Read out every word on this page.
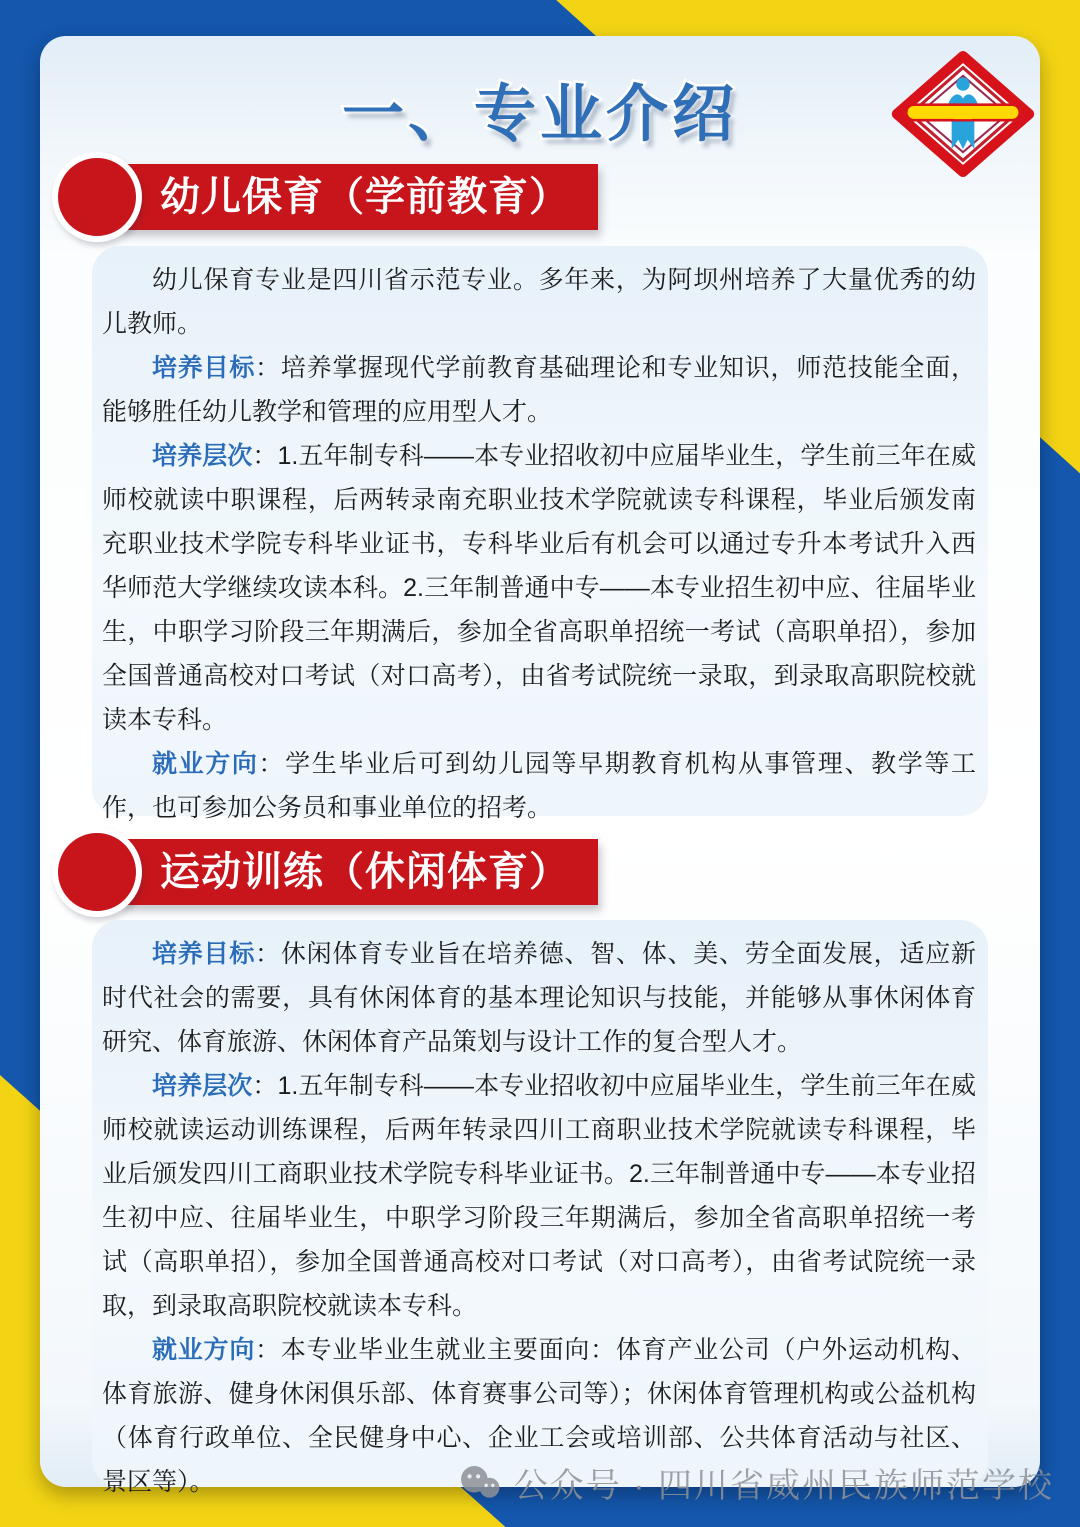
一、专业介绍
幼儿保育（学前教育）

幼儿保育专业是四川省示范专业。多年来，为阿坝州培养了大量优秀的幼儿教师。

培养目标：培养掌握现代学前教育基础理论和专业知识，师范技能全面，能够胜任幼儿教学和管理的应用型人才。

培养层次：1.五年制专科——本专业招收初中应届毕业生，学生前三年在威师校就读中职课程，后两转录南充职业技术学院就读专科课程，毕业后颁发南充职业技术学院专科毕业证书，专科毕业后有机会可以通过专升本考试升入西华师范大学继续攻读本科。2.三年制普通中专——本专业招生初中应、往届毕业生，中职学习阶段三年期满后，参加全省高职单招统一考试（高职单招），参加全国普通高校对口考试（对口高考），由省考试院统一录取，到录取高职院校就读本专科。

就业方向：学生毕业后可到幼儿园等早期教育机构从事管理、教学等工作，也可参加公务员和事业单位的招考。

运动训练（休闲体育）

培养目标：休闲体育专业旨在培养德、智、体、美、劳全面发展，适应新时代社会的需要，具有休闲体育的基本理论知识与技能，并能够从事休闲体育研究、体育旅游、休闲体育产品策划与设计工作的复合型人才。

培养层次：1.五年制专科——本专业招收初中应届毕业生，学生前三年在威师校就读运动训练课程，后两年转录四川工商职业技术学院就读专科课程，毕业后颁发四川工商职业技术学院专科毕业证书。2.三年制普通中专——本专业招生初中应、往届毕业生，中职学习阶段三年期满后，参加全省高职单招统一考试（高职单招），参加全国普通高校对口考试（对口高考），由省考试院统一录取，到录取高职院校就读本专科。

就业方向：本专业毕业生就业主要面向：体育产业公司（户外运动机构、体育旅游、健身休闲俱乐部、体育赛事公司等）；休闲体育管理机构或公益机构（体育行政单位、全民健身中心、企业工会或培训部、公共体育活动与社区、景区等）。	公众号 · 四川省威州民族师范学校
